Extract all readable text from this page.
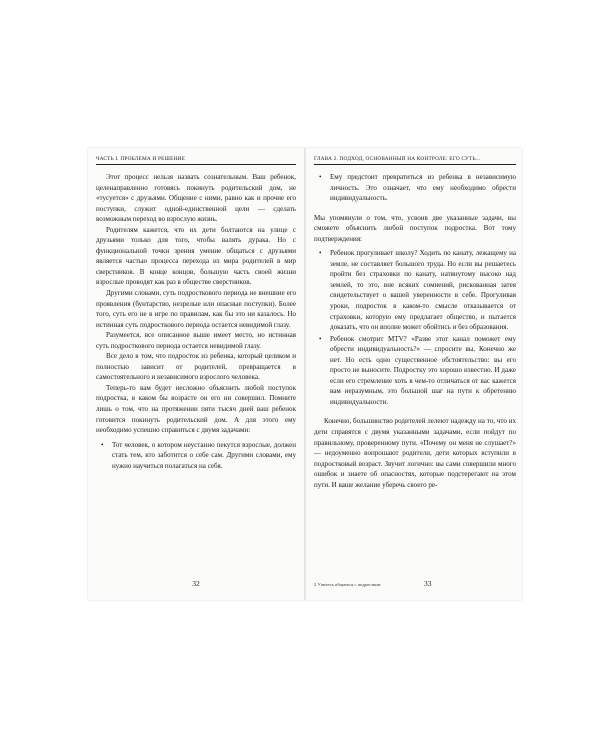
ЧАСТЬ I. ПРОБЛЕМА И РЕШЕНИЕ

Этот процесс нельзя назвать сознательным. Ваш ребенок, целенаправленно готовясь покинуть родительский дом, не «тусуется» с друзьями. Общение с ними, равно как и прочие его поступки, служит одной-единственной цели — сделать возможным переход во взрослую жизнь.

Родителям кажется, что их дети болтаются на улице с друзьями только для того, чтобы валять дурака. Но с функциональной точки зрения умение общаться с друзьями является частью процесса перехода из мира родителей в мир сверстников. В конце концов, большую часть своей жизни взрослые проводят как раз в обществе сверстников.

Другими словами, суть подросткового периода не внешние его проявления (бунтарство, незрелые или опасные поступки). Более того, суть его не в игре по правилам, как бы это ни казалось. Но истинная суть подросткового периода остается невидимой глазу.

Разумеется, все описанное выше имеет место, но истинная суть подросткового периода остается невидимой глазу.

Все дело в том, что подросток из ребенка, который целиком и полностью зависит от родителей, превращается в самостоятельного и независимого взрослого человека.

Теперь-то вам будет несложно объяснить любой поступок подростка, в каком бы возрасте он его ни совершил. Помните лишь о том, что на протяжении пяти тысяч дней ваш ребенок готовится покинуть родительский дом. А для этого ему необходимо успешно справиться с двумя задачами:

• Тот человек, о котором неустанно пекутся взрослые, должен стать тем, кто заботится о себе сам. Другими словами, ему нужно научиться полагаться на себя.
32
ГЛАВА 2. ПОДХОД, ОСНОВАННЫЙ НА КОНТРОЛЕ: ЕГО СУТЬ...
• Ему предстоит превратиться из ребенка в независимую личность. Это означает, что ему необходимо обрести индивидуальность.

Мы упомянули о том, что, усвоив две указанные задачи, вы сможете объяснить любой поступок подростка. Вот тому подтверждения:

• Ребенок прогуливает школу? Ходить по канату, лежащему на земле, не составляет большого труда. Но если вы решаетесь пройти без страховки по канату, натянутому высоко над землей, то это, вне всяких сомнений, рискованная затея свидетельствует о вашей уверенности в себе. Прогуливая уроки, подросток в каком-то смысле отказывается от страховки, которую ему предлагает общество, и пытается доказать, что он вполне может обойтись и без образования.
• Ребенок смотрит MTV? «Разве этот канал поможет ему обрести индивидуальность?» — спросите вы. Конечно же нет. Но есть одно существенное обстоятельство: вы его просто не выносите. Подростку это хорошо известно. И даже если его стремление хоть в чем-то отличаться от вас кажется вам неразумным, это большой шаг на пути к обретению индивидуальности.

Конечно, большинство родителей лелеют надежду на то, что их дети справятся с двумя указанными задачами, если пойдут по правильному, проверенному пути. «Почему он меня не слушает?» — недоуменно вопрошают родители, дети которых вступили в подростковый возраст. Звучит логично: вы сами совершили много ошибок и знаете об опасностях, которые подстерегают на этом пути. И ваше желание уберечь своего ре-

2 Учитесь общаться с подростком	33
